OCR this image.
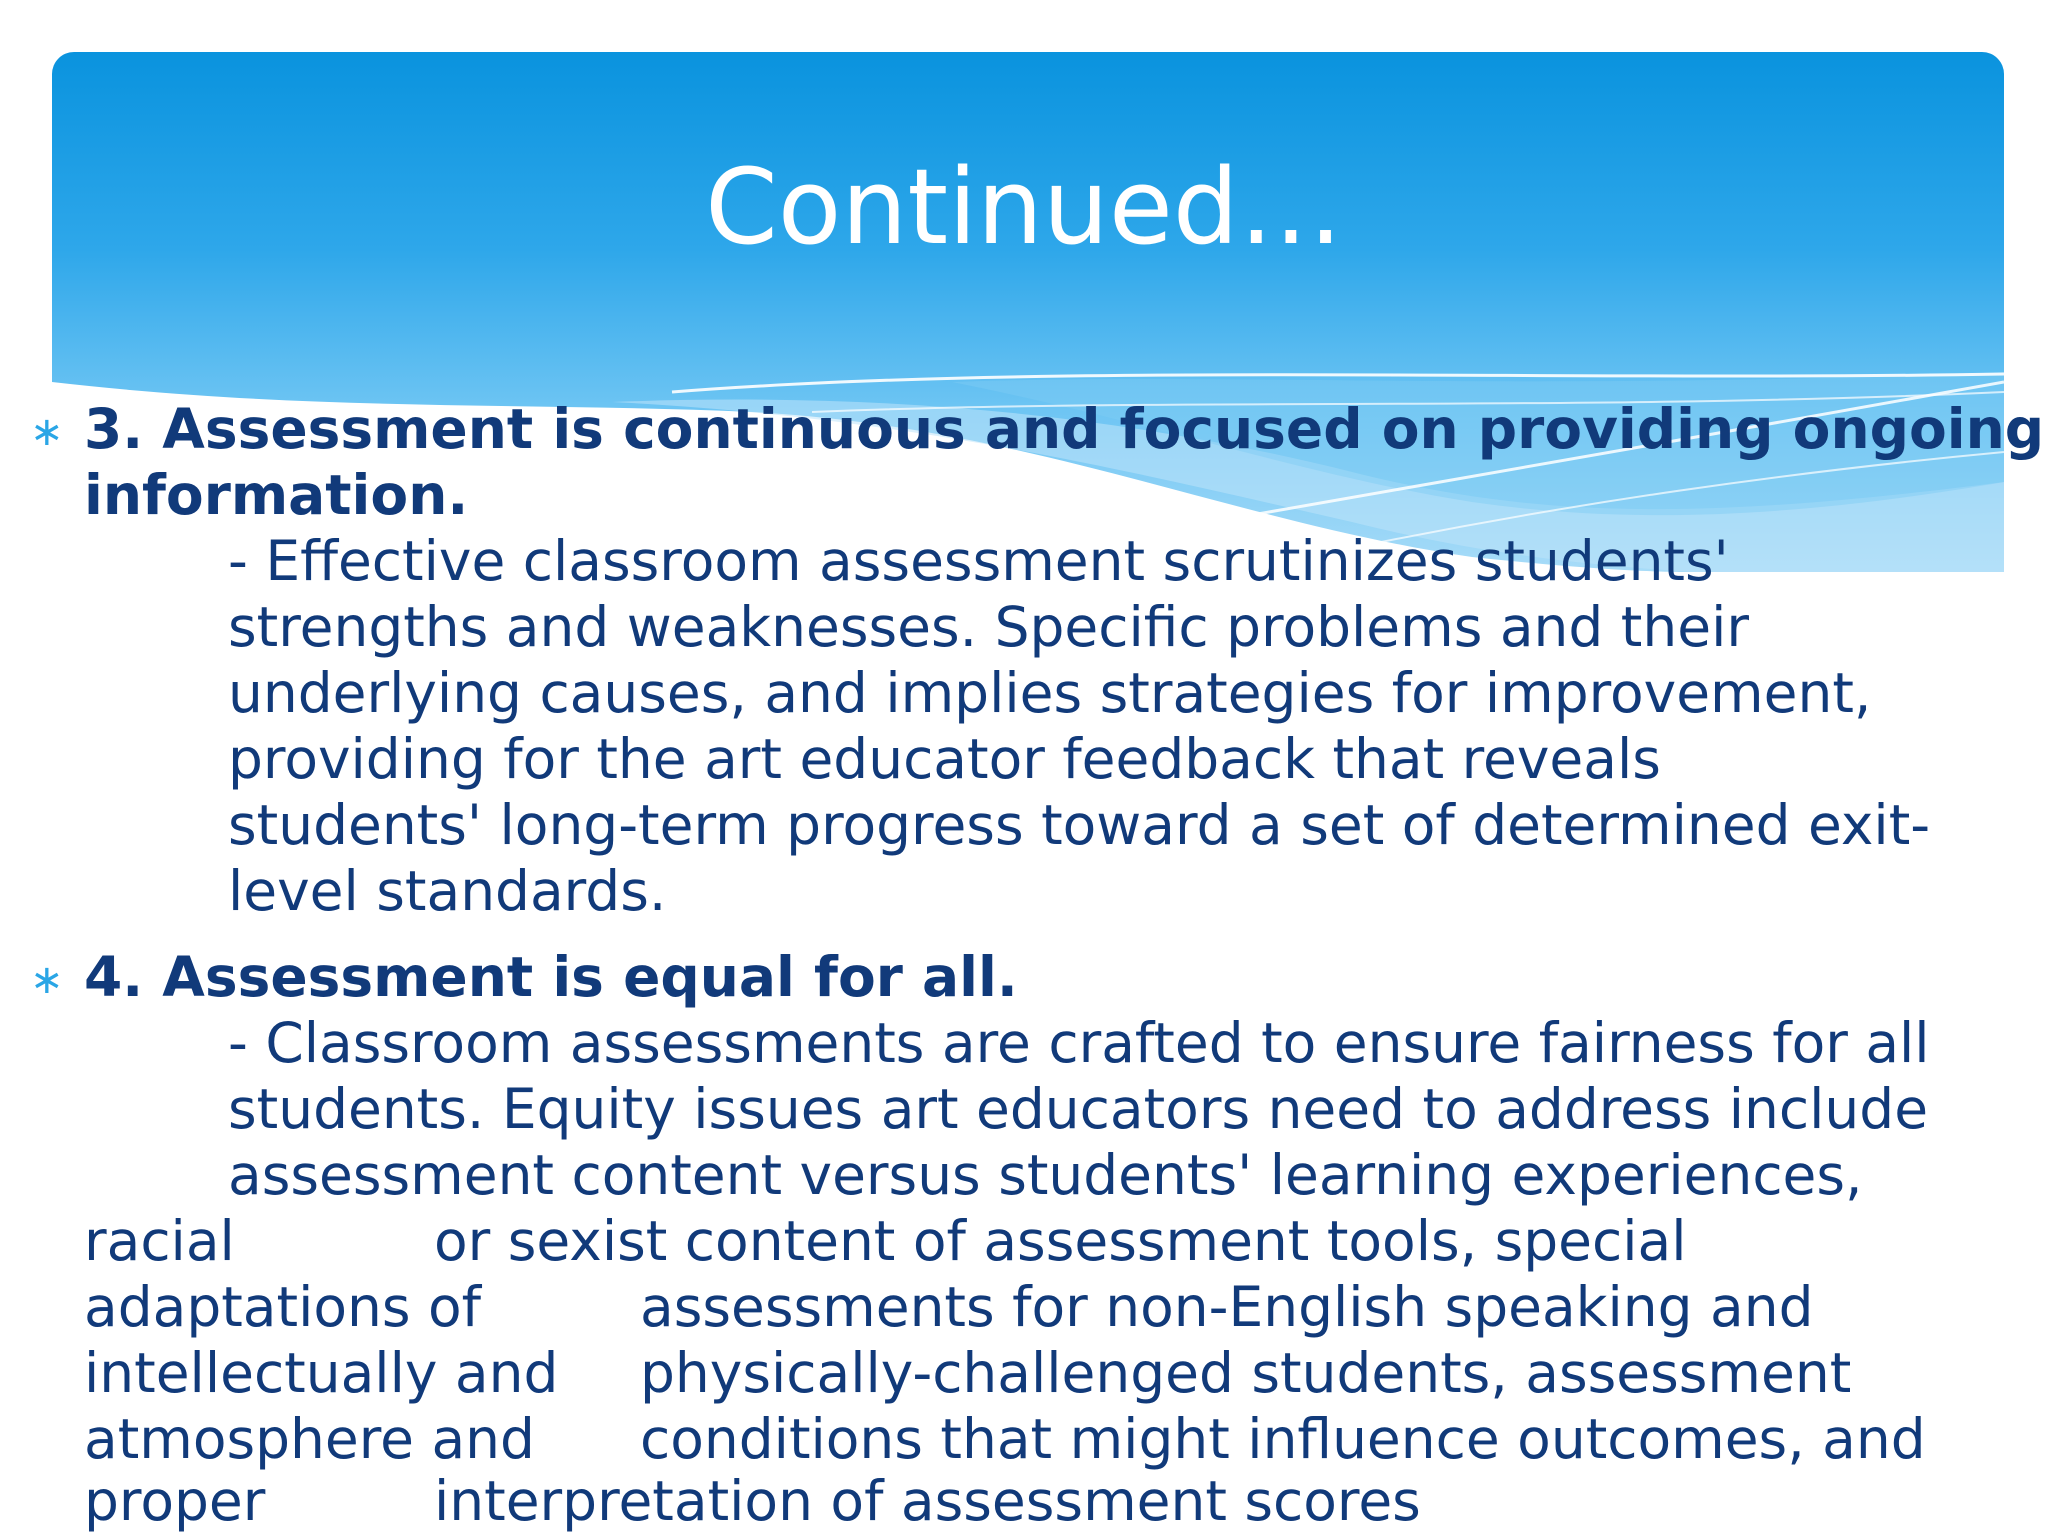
Continued…
∗ 3. Assessment is continuous and focused on providing ongoing
information.
- Effective classroom assessment scrutinizes students'
strengths and weaknesses. Specific problems and their
underlying causes, and implies strategies for improvement,
providing for the art educator feedback that reveals
students' long-term progress toward a set of determined exit-
level standards.
∗ 4. Assessment is equal for all.
- Classroom assessments are crafted to ensure fairness for all
students. Equity issues art educators need to address include
assessment content versus students' learning experiences,
racial	or sexist content of assessment tools, special
adaptations of	assessments for non-English speaking and
intellectually and physically-challenged students, assessment
atmosphere and conditions that might influence outcomes, and
proper	interpretation of assessment scores
